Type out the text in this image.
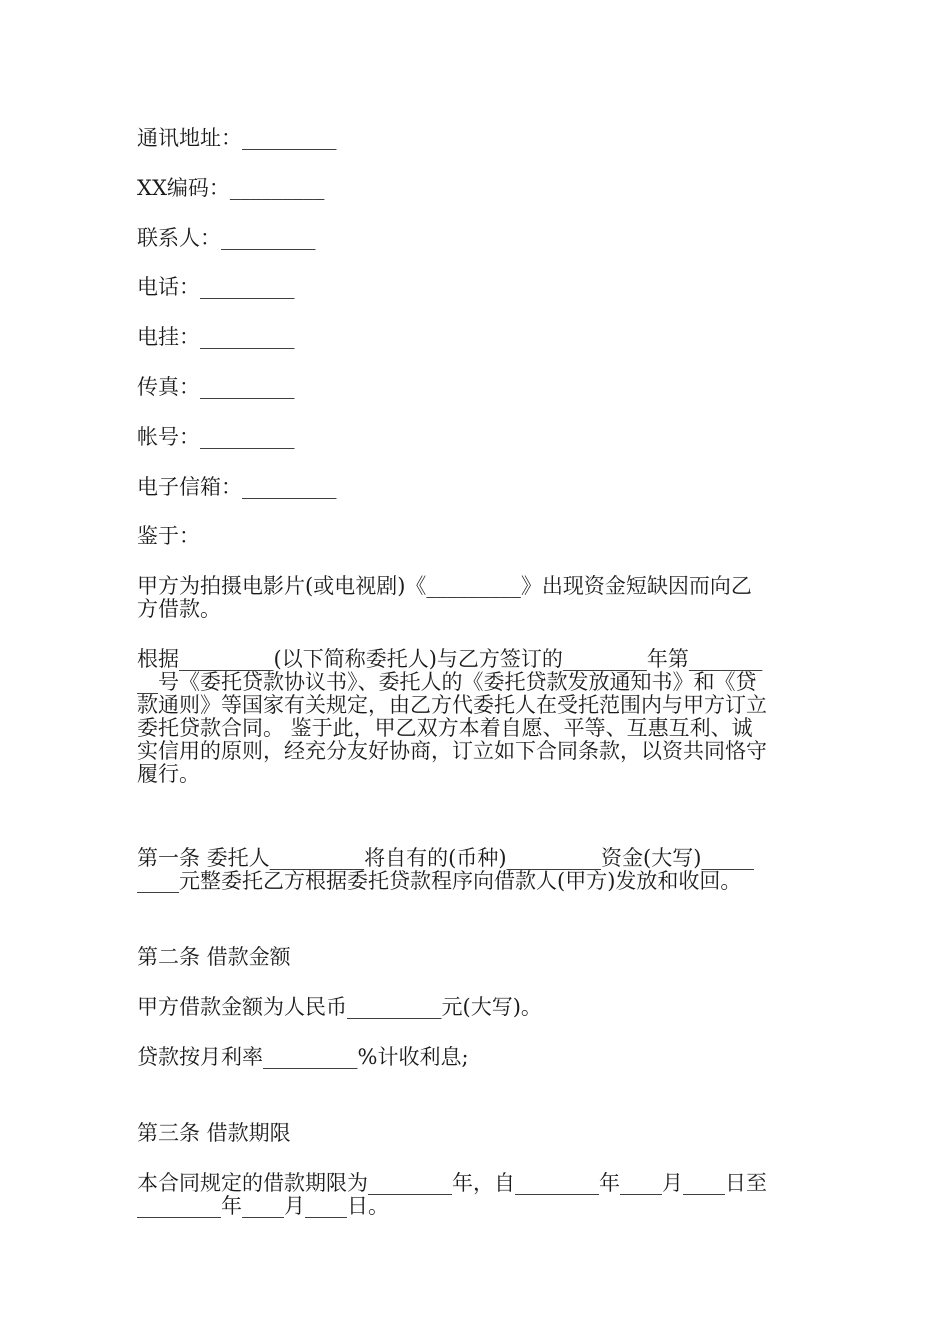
通讯地址：_________
XX编码：_________
联系人：_________
电话：_________
电挂：_________
传真：_________
帐号：_________
电子信箱：_________
鉴于：
甲方为拍摄电影片(或电视剧)《_________》出现资金短缺因而向乙
方借款。
根据_________(以下简称委托人)与乙方签订的________年第_______
__号《委托贷款协议书》、委托人的《委托贷款发放通知书》和《贷
款通则》等国家有关规定，由乙方代委托人在受托范围内与甲方订立
委托贷款合同。 鉴于此，甲乙双方本着自愿、平等、互惠互利、诚
实信用的原则，经充分友好协商，订立如下合同条款，以资共同恪守
履行。
第一条 委托人_________将自有的(币种)_________资金(大写)_____
____元整委托乙方根据委托贷款程序向借款人(甲方)发放和收回。
第二条 借款金额
甲方借款金额为人民币_________元(大写)。
贷款按月利率_________%计收利息;
第三条 借款期限
本合同规定的借款期限为________年，自________年____月____日至
________年____月____日。
